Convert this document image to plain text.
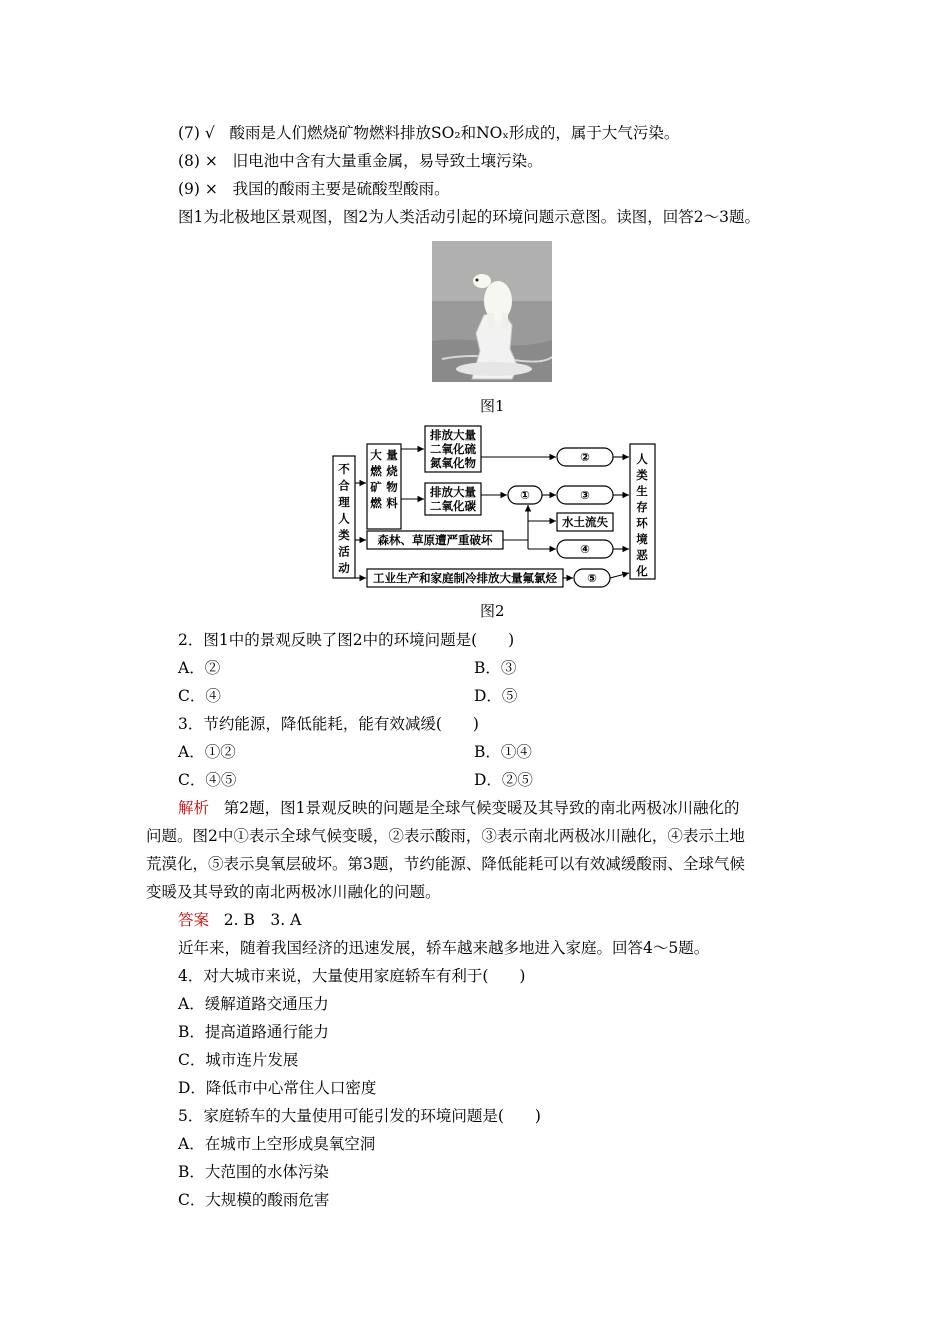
(7) √ 酸雨是人们燃烧矿物燃料排放SO₂和NOₓ形成的，属于大气污染。
(8) × 旧电池中含有大量重金属，易导致土壤污染。
(9) × 我国的酸雨主要是硫酸型酸雨。
图1为北极地区景观图，图2为人类活动引起的环境问题示意图。读图，回答2～3题。
图1
不
合
理
人
类
活
动
大 量
燃 烧
矿 物
燃 料
排放大量
二氧化硫
氮氧化物
排放大量
二氧化碳
森林、草原遭严重破坏
工业生产和家庭制冷排放大量氟氯烃
①
②
③
水土流失
④
⑤
人
类
生
存
环
境
恶
化
图2
2．图1中的景观反映了图2中的环境问题是(　　)
A．②	B．③
C．④	D．⑤
3．节约能源，降低能耗，能有效减缓(　　)
A．①②	B．①④
C．④⑤	D．②⑤
解析 第2题，图1景观反映的问题是全球气候变暖及其导致的南北两极冰川融化的
问题。图2中①表示全球气候变暖，②表示酸雨，③表示南北两极冰川融化，④表示土地
荒漠化，⑤表示臭氧层破坏。第3题，节约能源、降低能耗可以有效减缓酸雨、全球气候
变暖及其导致的南北两极冰川融化的问题。
答案 2. B　3. A
近年来，随着我国经济的迅速发展，轿车越来越多地进入家庭。回答4～5题。
4．对大城市来说，大量使用家庭轿车有利于(　　)
A．缓解道路交通压力
B．提高道路通行能力
C．城市连片发展
D．降低市中心常住人口密度
5．家庭轿车的大量使用可能引发的环境问题是(　　)
A．在城市上空形成臭氧空洞
B．大范围的水体污染
C．大规模的酸雨危害
